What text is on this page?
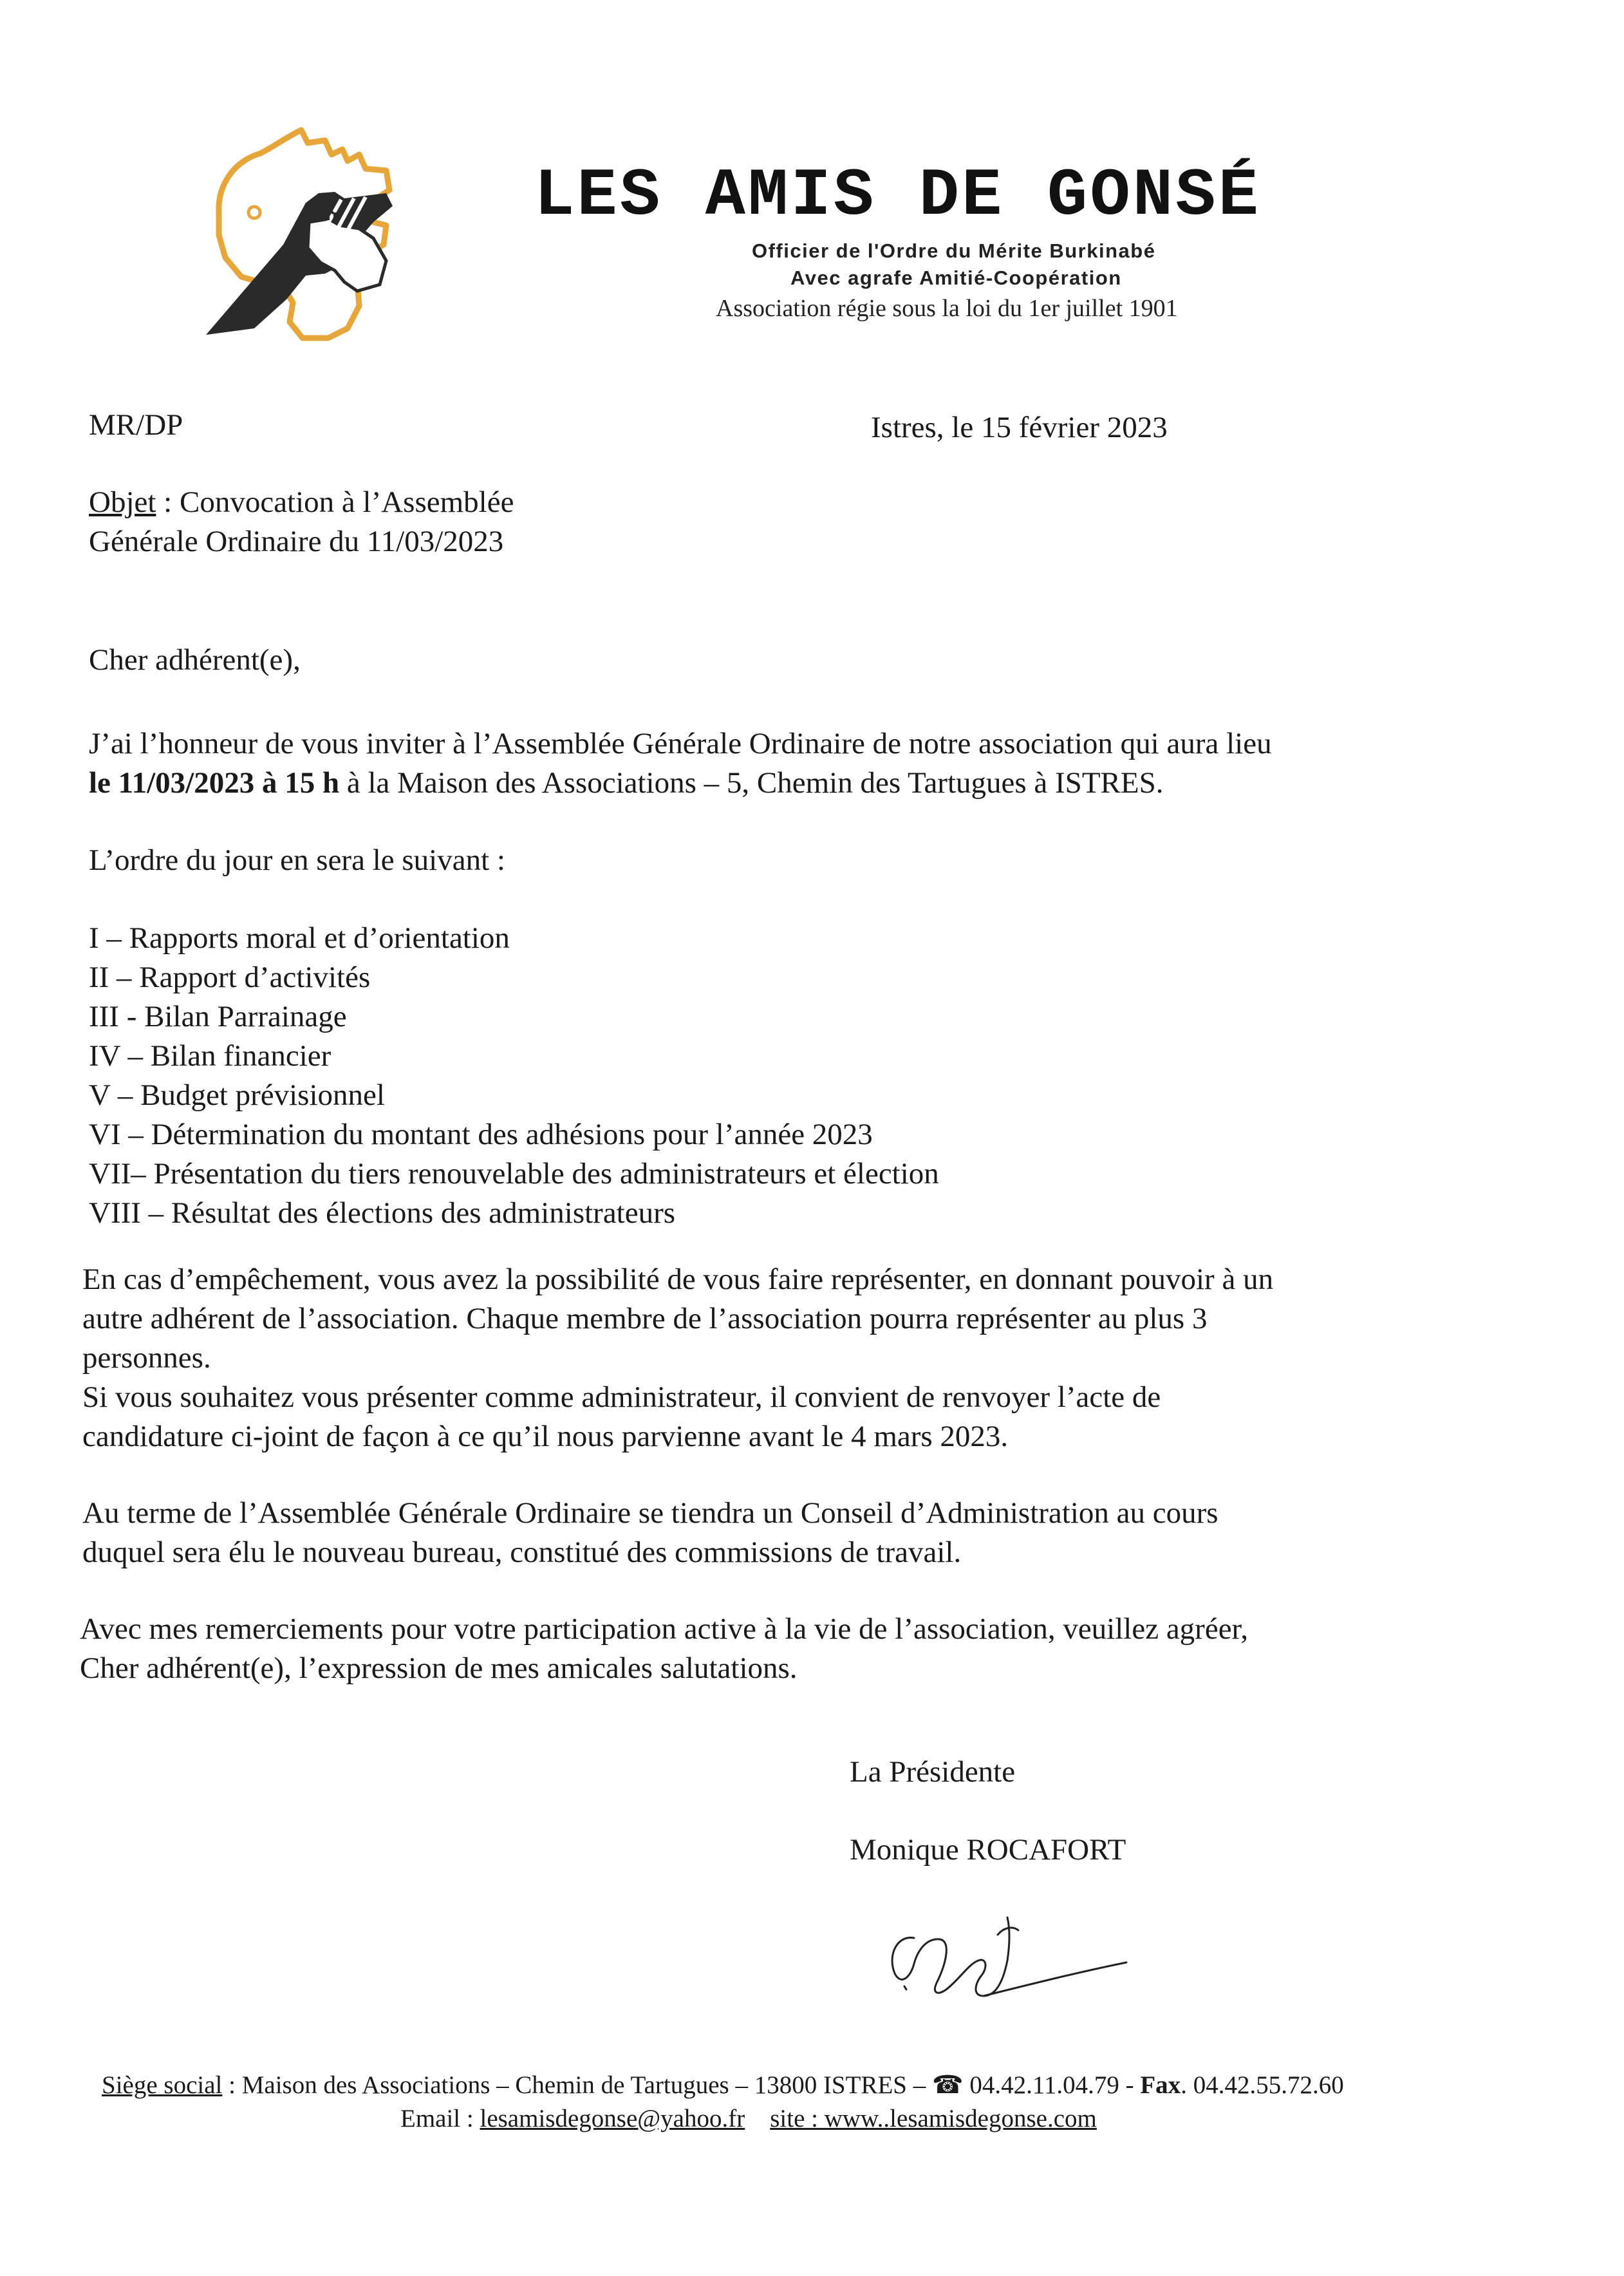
LES AMIS DE GONSÉ
Officier de l'Ordre du Mérite Burkinabé
Avec agrafe Amitié-Coopération
Association régie sous la loi du 1er juillet 1901
MR/DP	Istres, le 15 février 2023
Objet : Convocation à l’Assemblée
Générale Ordinaire du 11/03/2023
Cher adhérent(e),
J’ai l’honneur de vous inviter à l’Assemblée Générale Ordinaire de notre association qui aura lieu
le 11/03/2023 à 15 h à la Maison des Associations – 5, Chemin des Tartugues à ISTRES.
L’ordre du jour en sera le suivant :
I – Rapports moral et d’orientation
II – Rapport d’activités
III - Bilan Parrainage
IV – Bilan financier
V – Budget prévisionnel
VI – Détermination du montant des adhésions pour l’année 2023
VII– Présentation du tiers renouvelable des administrateurs et élection
VIII – Résultat des élections des administrateurs
En cas d’empêchement, vous avez la possibilité de vous faire représenter, en donnant pouvoir à un
autre adhérent de l’association. Chaque membre de l’association pourra représenter au plus 3
personnes.
Si vous souhaitez vous présenter comme administrateur, il convient de renvoyer l’acte de
candidature ci-joint de façon à ce qu’il nous parvienne avant le 4 mars 2023.
Au terme de l’Assemblée Générale Ordinaire se tiendra un Conseil d’Administration au cours
duquel sera élu le nouveau bureau, constitué des commissions de travail.
Avec mes remerciements pour votre participation active à la vie de l’association, veuillez agréer,
Cher adhérent(e), l’expression de mes amicales salutations.
La Présidente
Monique ROCAFORT
Siège social : Maison des Associations – Chemin de Tartugues – 13800 ISTRES – ☎ 04.42.11.04.79 - Fax. 04.42.55.72.60
Email : lesamisdegonse@yahoo.fr site : www..lesamisdegonse.com
